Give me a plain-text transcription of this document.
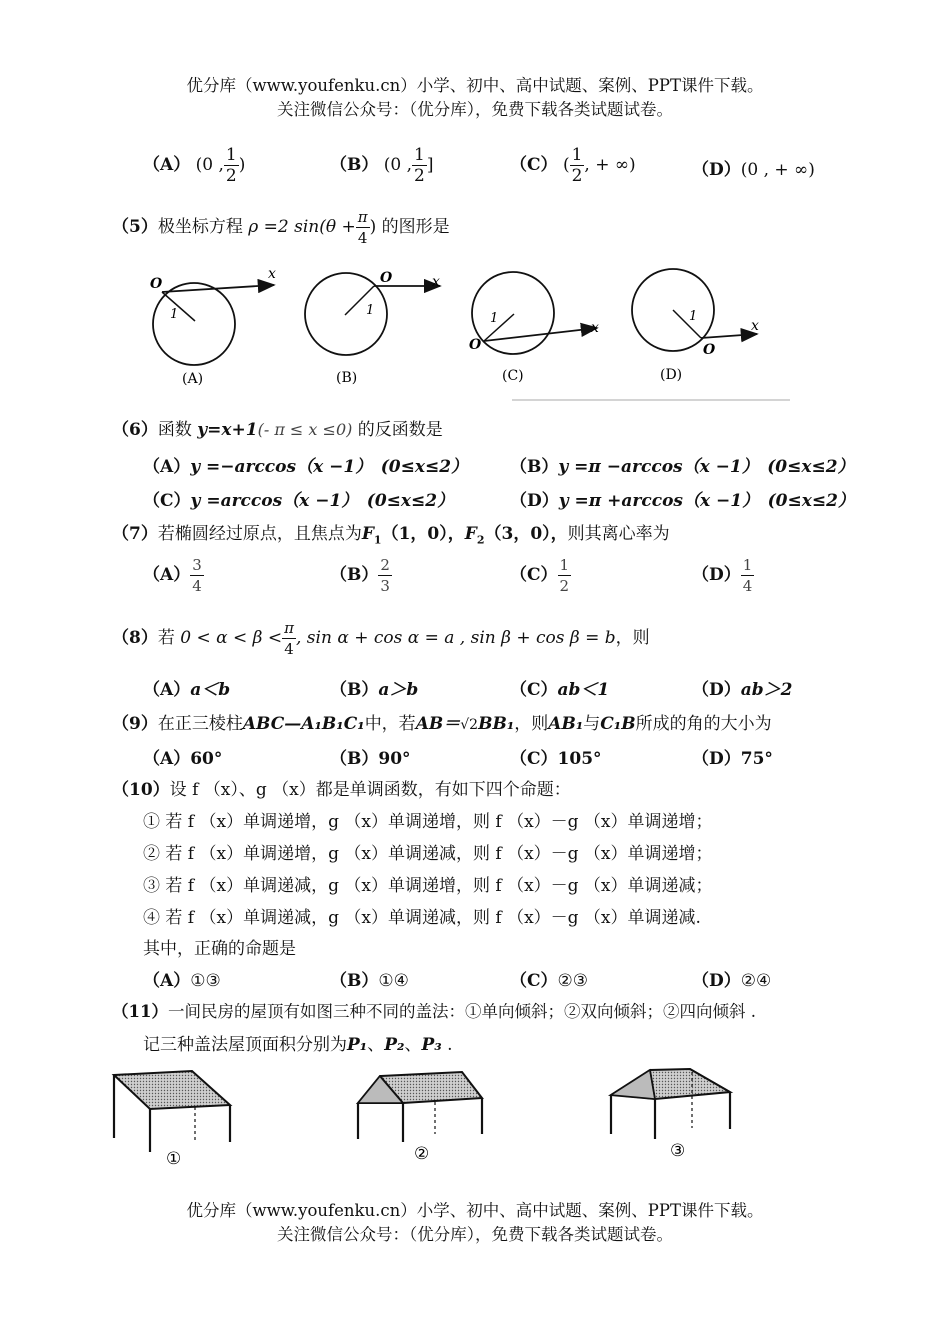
优分库（www.youfenku.cn）小学、初中、高中试题、案例、PPT课件下载。
关注微信公众号：（优分库），免费下载各类试题试卷。
（A） (0 , $\frac{1}{2}$ )	（B） (0 , $\frac{1}{2}$ ]	（C） ( $\frac{1}{2}$ , + ∞)	（D）(0 , + ∞)
（5）极坐标方程 ρ =2 $\sin(\theta + \frac{\pi}{4}$ ) 的图形是
O
x
1
(A)
O	x
1
(B)
O
x
1
(C)
O
x
1
(D)
（6）函数 y=x+1(- π ≤ x ≤0) 的反函数是
（A）y =−arccos（x −1）　(0≤x≤2） （B）y =π −arccos（x −1）　(0≤x≤2）
（C）y =arccos（x −1）　(0≤x≤2）	（D）y =π +arccos（x −1）　(0≤x≤2）
（7）若椭圆经过原点，且焦点为$F_1(1$，0），$F_2(3$，0），则其离心率为
$(A) \frac{3}{4}$	$(B) \frac{2}{3}$	$(C) \frac{1}{2}$	$(D) \frac{1}{4}$
（8）若 $0 < \alpha < \beta < \frac{\pi}{4}$ , sin α + cos α = a , sin β + cos β = b，则
（A）a＜b	（B）a＞b	（C）ab＜1	（D）ab＞2
（9）在正三棱柱ABC—A₁B₁C₁中，若AB＝√2BB₁，则AB₁与C₁B所成的角的大小为
（A）60°	（B）90°	（C）105°	（D）75°
（10）设 f （x）、g （x）都是单调函数，有如下四个命题：
① 若 f （x）单调递增，g （x）单调递增，则 f （x）－g （x）单调递增；
② 若 f （x）单调递增，g （x）单调递减，则 f （x）－g （x）单调递增；
③ 若 f （x）单调递减，g （x）单调递增，则 f （x）－g （x）单调递减；
④ 若 f （x）单调递减，g （x）单调递减，则 f （x）－g （x）单调递减.
其中，正确的命题是
（A）①③	（B）①④	（C）②③	（D）②④
（11）一间民房的屋顶有如图三种不同的盖法：①单向倾斜；②双向倾斜；②四向倾斜 .
记三种盖法屋顶面积分别为P₁、P₂、P₃ .
①	②	③
优分库（www.youfenku.cn）小学、初中、高中试题、案例、PPT课件下载。
关注微信公众号：（优分库），免费下载各类试题试卷。
